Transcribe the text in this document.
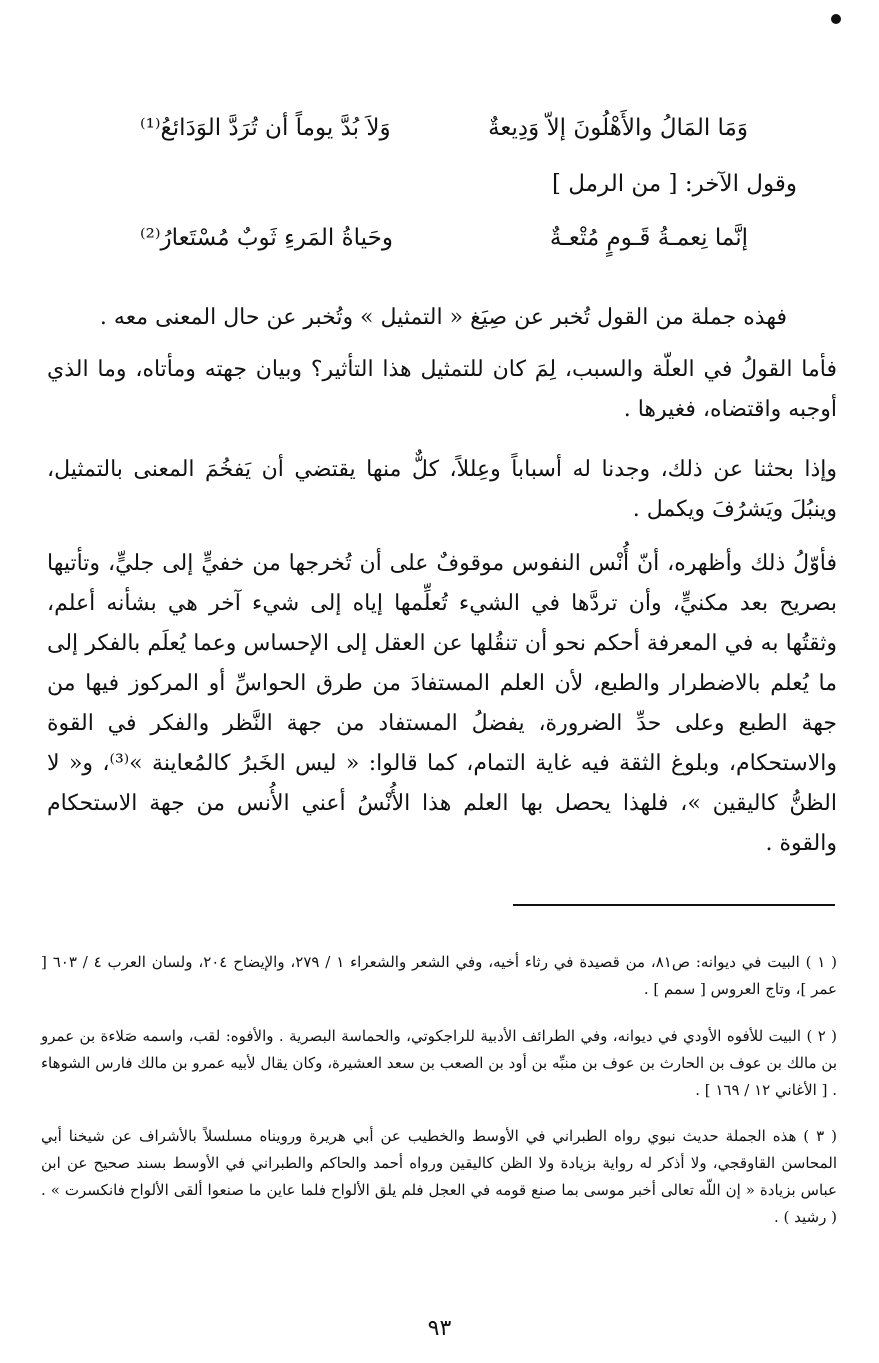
وَمَا المَالُ والأَهْلُونَ إلاّ وَدِيعةٌ
وَلاَ بُدَّ يوماً أن تُرَدَّ الوَدَائعُ⁽¹⁾
وقول الآخر: [ من الرمل ]
إنَّما نِعمـةُ قَـومٍ مُتْعـةٌ
وحَياةُ المَرءِ ثَوبٌ مُسْتَعارُ⁽²⁾

فهذه جملة من القول تُخبر عن صِيَغ « التمثيل » وتُخبر عن حال المعنى معه .

فأما القولُ في العلّة والسبب، لِمَ كان للتمثيل هذا التأثير؟ وبيان جهته ومأتاه، وما الذي أوجبه واقتضاه، فغيرها .

وإذا بحثنا عن ذلك، وجدنا له أسباباً وعِللاً، كلٌّ منها يقتضي أن يَفخُمَ المعنى بالتمثيل، وينبُلَ ويَشرُفَ ويكمل .

فأوّلُ ذلك وأظهره، أنّ أُنْس النفوس موقوفٌ على أن تُخرجها من خفيٍّ إلى جليٍّ، وتأتيها بصريح بعد مكنيٍّ، وأن تردَّها في الشيء تُعلِّمها إياه إلى شيء آخر هي بشأنه أعلم، وثقتُها به في المعرفة أحكم نحو أن تنقُلها عن العقل إلى الإحساس وعما يُعلَم بالفكر إلى ما يُعلم بالاضطرار والطبع، لأن العلم المستفادَ من طرق الحواسِّ أو المركوز فيها من جهة الطبع وعلى حدِّ الضرورة، يفضلُ المستفاد من جهة النَّظر والفكر في القوة والاستحكام، وبلوغ الثقة فيه غاية التمام، كما قالوا: « ليس الخَبرُ كالمُعاينة »⁽³⁾، و« لا الظنُّ كاليقين »، فلهذا يحصل بها العلم هذا الأُنْسُ أعني الأُنس من جهة الاستحكام والقوة .

( ١ ) البيت في ديوانه: ص٨١، من قصيدة في رثاء أخيه، وفي الشعر والشعراء ١ / ٢٧٩، والإيضاح ٢٠٤، ولسان العرب ٤ / ٦٠٣ [ عمر ]، وتاج العروس [ سمم ] .

( ٢ ) البيت للأفوه الأودي في ديوانه، وفي الطرائف الأدبية للراجكوتي، والحماسة البصرية . والأفوه: لقب، واسمه صَلاءة بن عمرو بن مالك بن عوف بن الحارث بن عوف بن منبِّه بن أود بن الصعب بن سعد العشيرة، وكان يقال لأبيه عمرو بن مالك فارس الشوهاء . [ الأغاني ١٢ / ١٦٩ ] .

( ٣ ) هذه الجملة حديث نبوي رواه الطبراني في الأوسط والخطيب عن أبي هريرة ورويناه مسلسلاً بالأشراف عن شيخنا أبي المحاسن القاوقجي، ولا أذكر له رواية بزيادة ولا الظن كاليقين ورواه أحمد والحاكم والطبراني في الأوسط بسند صحيح عن ابن عباس بزيادة « إن اللّه تعالى أخبر موسى بما صنع قومه في العجل فلم يلق الألواح فلما عاين ما صنعوا ألقى الألواح فانكسرت » . ( رشيد ) .

٩٣
